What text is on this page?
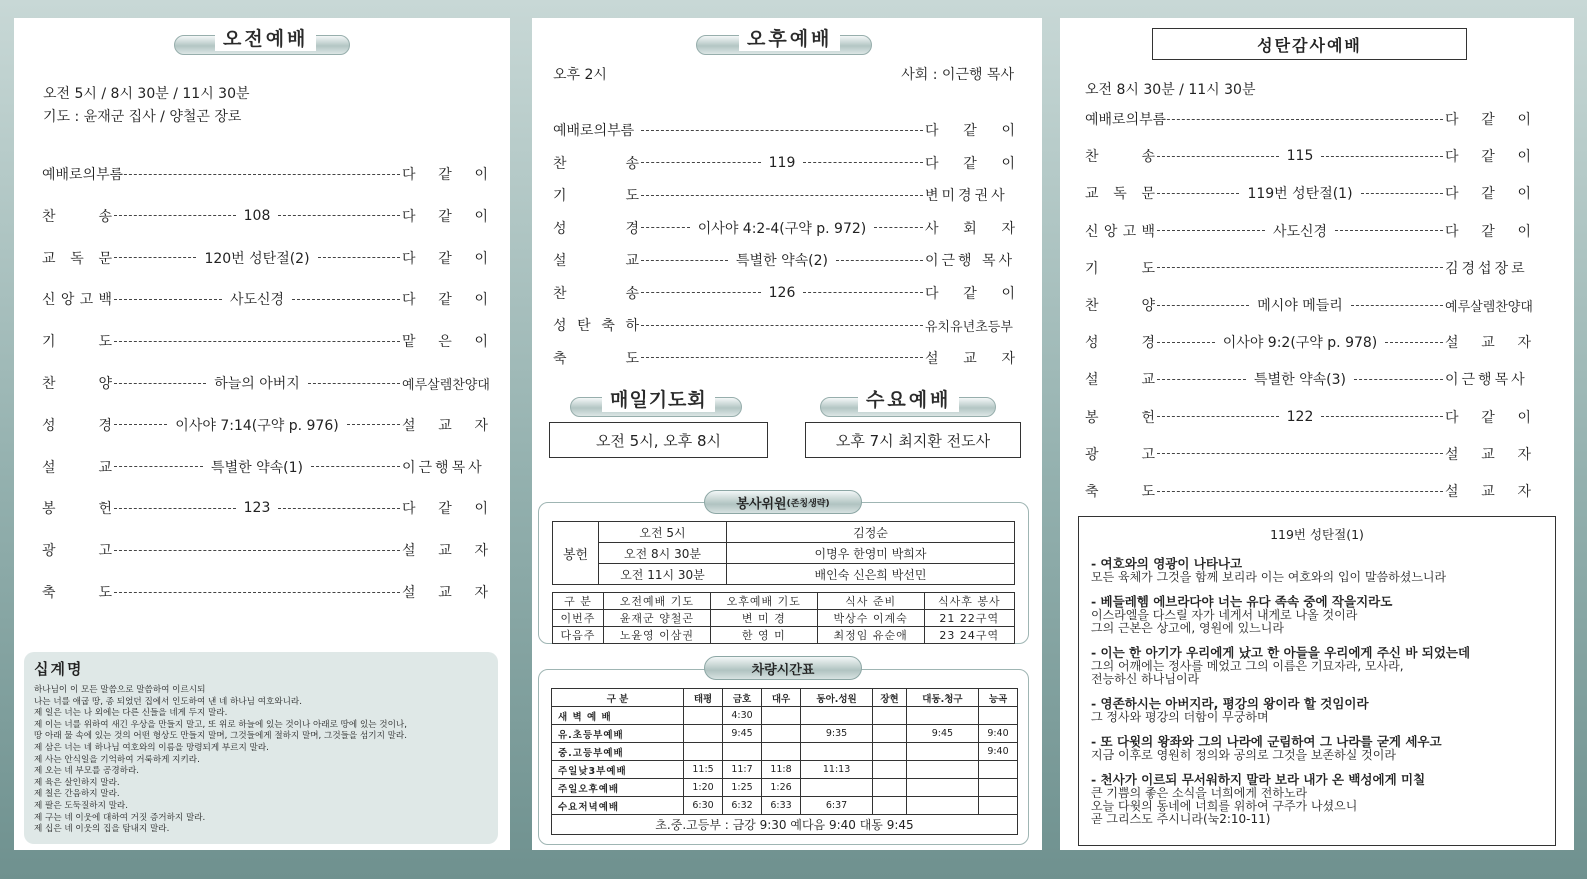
오전예배
오전 5시 / 8시 30분 / 11시 30분
기도 : 윤재군 집사 / 양철곤 장로
예배로의부름	다 같 이
찬	송	108	다 같 이
교 독 문	120번 성탄절(2)	다 같 이
신 앙 고 백	사도신경	다 같 이
기	도	맡 은 이
찬	양	하늘의 아버지	예루살렘찬양대
성	경	이사야 7:14(구약 p. 976)	설 교 자
설	교	특별한 약속(1)	이근행목사
봉	헌	123	다 같 이
광	고	설 교 자
축	도	설 교 자
십계명
하나님이 이 모든 말씀으로 말씀하여 이르시되
나는 너를 애굽 땅, 종 되었던 집에서 인도하여 낸 네 하나님 여호와니라.
제 일은 너는 나 외에는 다른 신들을 네게 두지 말라.
제 이는 너를 위하여 새긴 우상을 만들지 말고, 또 위로 하늘에 있는 것이나 아래로 땅에 있는 것이나,
땅 아래 물 속에 있는 것의 어떤 형상도 만들지 말며, 그것들에게 절하지 말며, 그것들을 섬기지 말라.
제 삼은 너는 네 하나님 여호와의 이름을 망령되게 부르지 말라.
제 사는 안식일을 기억하여 거룩하게 지키라.
제 오는 네 부모를 공경하라.
제 육은 살인하지 말라.
제 칠은 간음하지 말라.
제 팔은 도둑질하지 말라.
제 구는 네 이웃에 대하여 거짓 증거하지 말라.
제 십은 네 이웃의 집을 탐내지 말라.
오후예배
오후 2시	사회 : 이근행 목사
예배로의부름	다 같 이
찬	송	119	다 같 이
기	도	변미경권사
성	경	이사야 4:2-4(구약 p. 972)	사 회 자
설	교	특별한 약속(2)	이근행 목사
찬	송	126	다 같 이
성 탄 축 하	유치유년초등부
축	도	설 교 자
매일기도회
오전 5시, 오후 8시
수요예배
오후 7시 최지환 전도사
봉사위원 (존칭생략)
봉헌	오전 5시	김정순
	오전 8시 30분	이명우 한영미 박희자
	오전 11시 30분	배인숙 신은희 박선민
구 분	오전예배 기도	오후예배 기도	식사 준비	식사후 봉사
이번주	윤재군 양철곤	변 미 경	박상수 이계숙	21 22구역
다음주	노윤영 이삼권	한 영 미	최정임 유순애	23 24구역
차량시간표
구 분	태평	금호	대우	동아.성원	장현	대동.청구	능곡
새 벽 예 배		4:30					
유.초등부예배		9:45		9:35		9:45	9:40
중.고등부예배							9:40
주일낮3부예배	11:5	11:7	11:8	11:13			
주일오후예배	1:20	1:25	1:26				
수요저녁예배	6:30	6:32	6:33	6:37			
초.중.고등부 : 금강 9:30 예다음 9:40 대동 9:45							
성탄감사예배
오전 8시 30분 / 11시 30분
예배로의부름	다 같 이
찬	송	115	다 같 이
교 독 문	119번 성탄절(1)	다 같 이
신 앙 고 백	사도신경	다 같 이
기	도	김경섭장로
찬	양	메시야 메들리	예루살렘찬양대
성	경	이사야 9:2(구약 p. 978)	설 교 자
설	교	특별한 약속(3)	이근행목사
봉	헌	122	다 같 이
광	고	설 교 자
축	도	설 교 자
119번 성탄절(1)
- 여호와의 영광이 나타나고
모든 육체가 그것을 함께 보리라 이는 여호와의 입이 말씀하셨느니라
- 베들레헴 에브라다야 너는 유다 족속 중에 작을지라도
이스라엘을 다스릴 자가 네게서 내게로 나올 것이라
그의 근본은 상고에, 영원에 있느니라
- 이는 한 아기가 우리에게 났고 한 아들을 우리에게 주신 바 되었는데
그의 어깨에는 정사를 메었고 그의 이름은 기묘자라, 모사라,
전능하신 하나님이라
- 영존하시는 아버지라, 평강의 왕이라 할 것임이라
그 정사와 평강의 더함이 무궁하며
- 또 다윗의 왕좌와 그의 나라에 군림하여 그 나라를 굳게 세우고
지금 이후로 영원히 정의와 공의로 그것을 보존하실 것이라
- 천사가 이르되 무서워하지 말라 보라 내가 온 백성에게 미칠
큰 기쁨의 좋은 소식을 너희에게 전하노라
오늘 다윗의 동네에 너희를 위하여 구주가 나셨으니
곧 그리스도 주시니라(눅2:10-11)
